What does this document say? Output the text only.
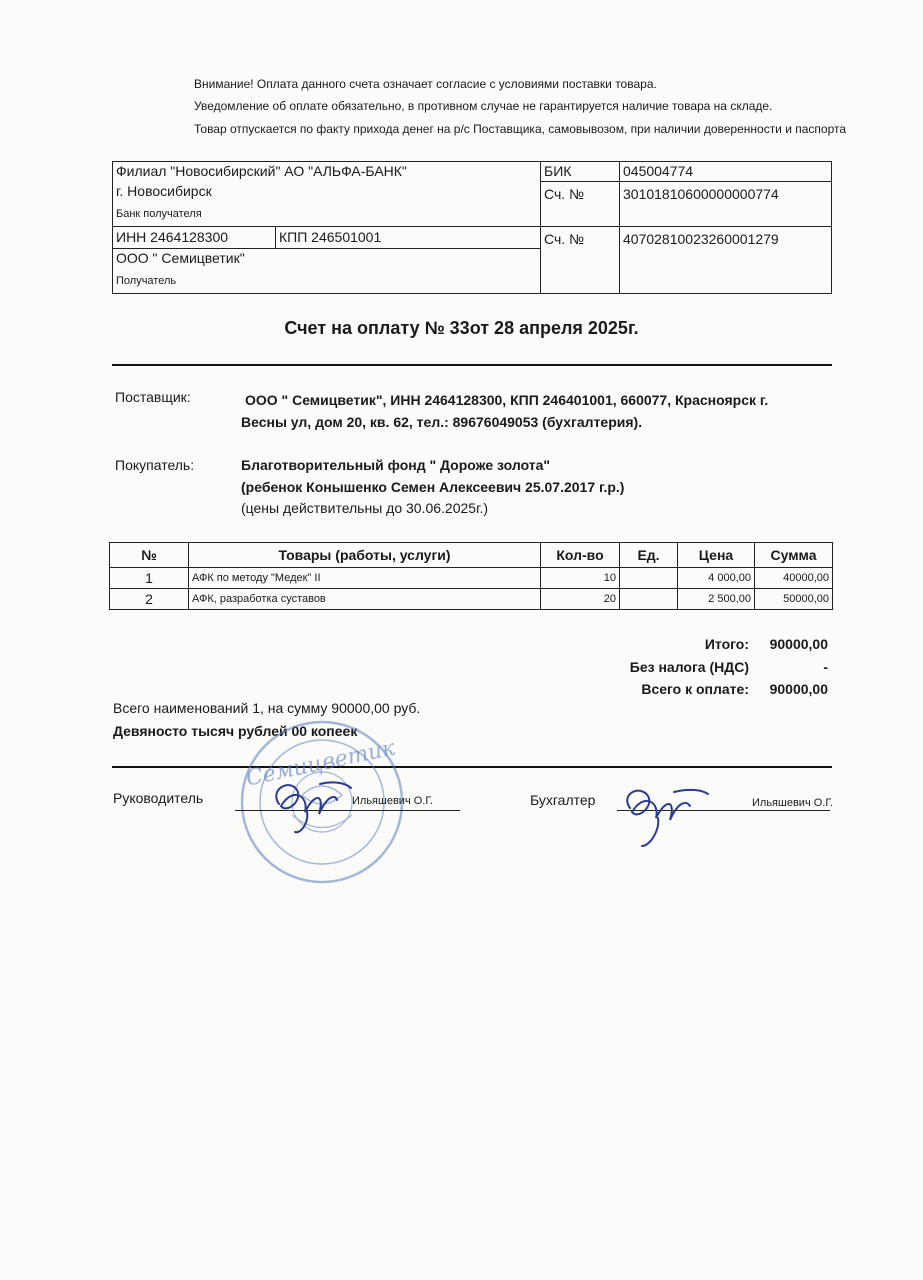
Внимание! Оплата данного счета означает согласие с условиями поставки товара.
Уведомление об оплате обязательно, в противном случае не гарантируется наличие товара на складе.
Товар отпускается по факту прихода денег на р/с Поставщика, самовывозом, при наличии доверенности и паспорта
Филиал "Новосибирский" АО "АЛЬФА-БАНК"
г. Новосибирск
Банк получателя
БИК	045004774
Сч. №	30101810600000000774
ИНН 2464128300	КПП 246501001	Сч. №	40702810023260001279
ООО " Семицветик"
Получатель
Счет на оплату № 33от 28 апреля 2025г.
Поставщик:	ООО " Семицветик", ИНН 2464128300, КПП 246401001, 660077, Красноярск г.
Весны ул, дом 20, кв. 62, тел.: 89676049053 (бухгалтерия).
Покупатель:	Благотворительный фонд " Дороже золота"
(ребенок Конышенко Семен Алексеевич 25.07.2017 г.р.)
(цены действительны до 30.06.2025г.)
№	Товары (работы, услуги)	Кол-во	Ед.	Цена	Сумма
1	АФК по методу "Медек" II	10		4 000,00	40000,00
2	АФК, разработка суставов	20		2 500,00	50000,00
Итого: 90000,00
Без налога (НДС)	-
Всего к оплате: 90000,00
Всего наименований 1, на сумму 90000,00 руб.
Девяносто тысяч рублей 00 копеек
Семицветик
Руководитель	Ильяшевич О.Г.	Бухгалтер	Ильяшевич О.Г.
